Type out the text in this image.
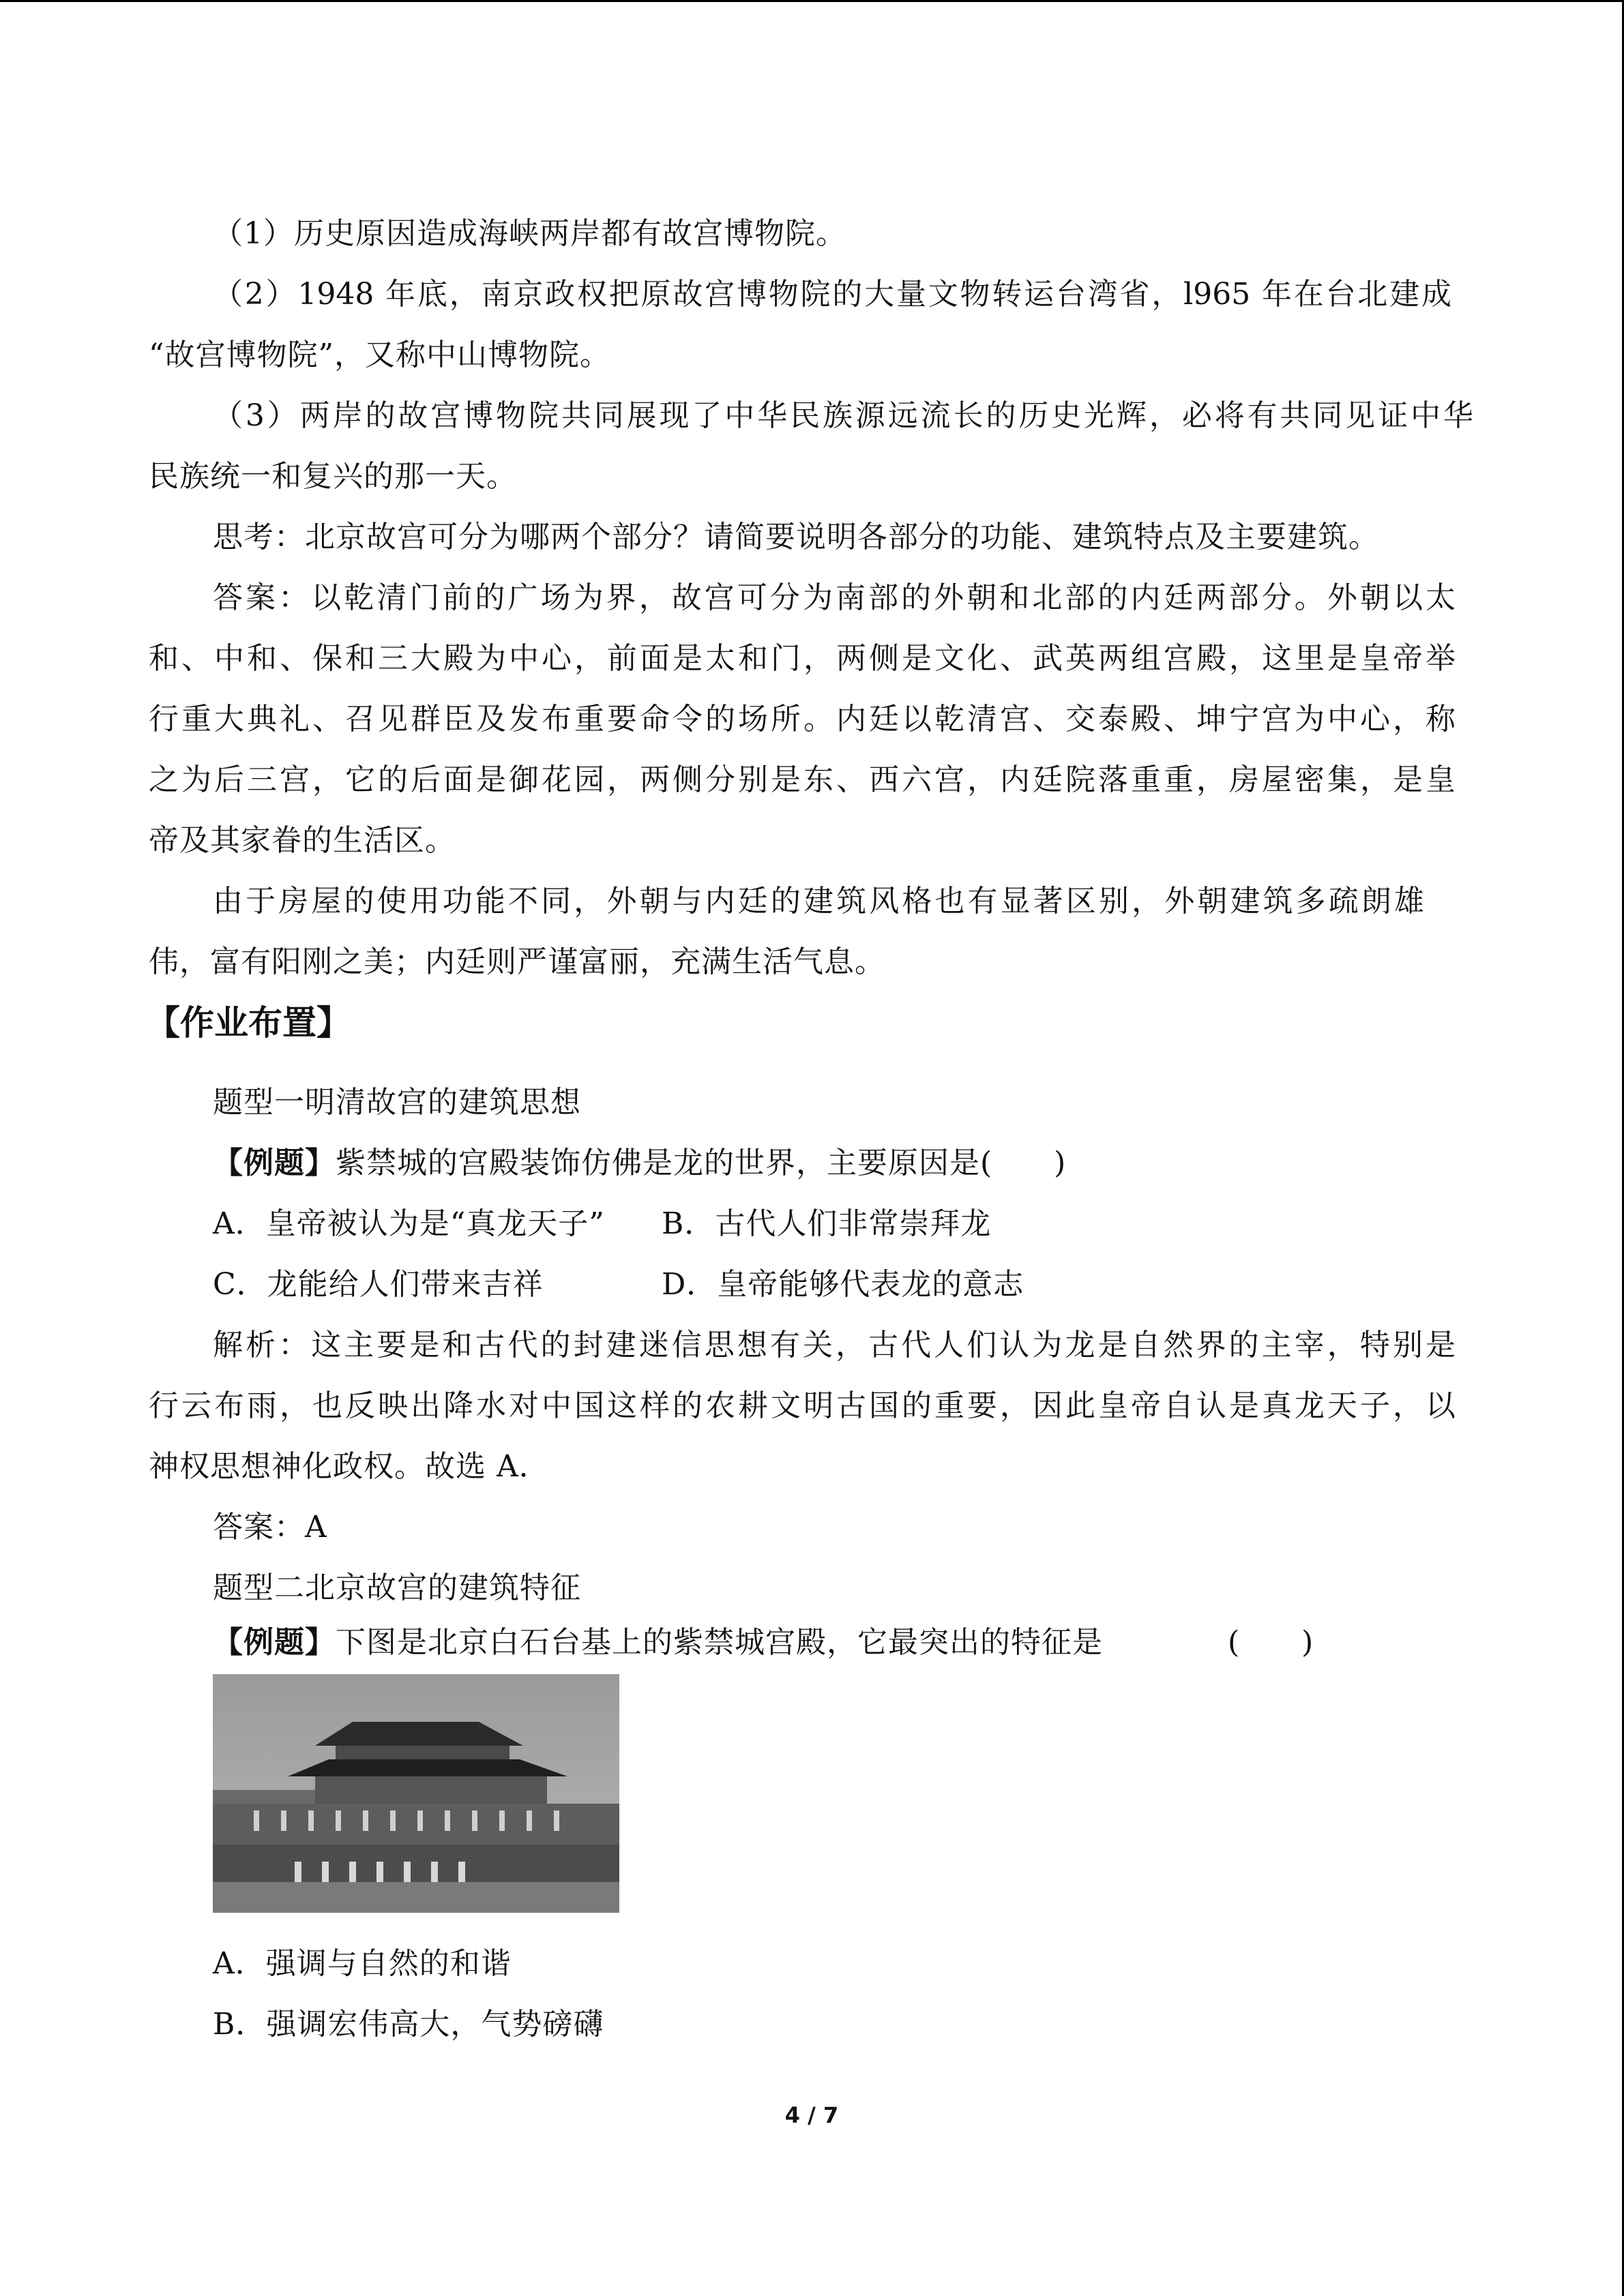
（1）历史原因造成海峡两岸都有故宫博物院。
（2）1948 年底，南京政权把原故宫博物院的大量文物转运台湾省，l965 年在台北建成
“故宫博物院”，又称中山博物院。
（3）两岸的故宫博物院共同展现了中华民族源远流长的历史光辉，必将有共同见证中华
民族统一和复兴的那一天。
思考：北京故宫可分为哪两个部分？请简要说明各部分的功能、建筑特点及主要建筑。
答案：以乾清门前的广场为界，故宫可分为南部的外朝和北部的内廷两部分。外朝以太
和、中和、保和三大殿为中心，前面是太和门，两侧是文化、武英两组宫殿，这里是皇帝举
行重大典礼、召见群臣及发布重要命令的场所。内廷以乾清宫、交泰殿、坤宁宫为中心，称
之为后三宫，它的后面是御花园，两侧分别是东、西六宫，内廷院落重重，房屋密集，是皇
帝及其家眷的生活区。
由于房屋的使用功能不同，外朝与内廷的建筑风格也有显著区别，外朝建筑多疏朗雄
伟，富有阳刚之美；内廷则严谨富丽，充满生活气息。
【作业布置】
题型一明清故宫的建筑思想
【例题】紫禁城的宫殿装饰仿佛是龙的世界，主要原因是(　　)
A．皇帝被认为是“真龙天子” B．古代人们非常崇拜龙
C．龙能给人们带来吉祥	D．皇帝能够代表龙的意志
解析：这主要是和古代的封建迷信思想有关，古代人们认为龙是自然界的主宰，特别是
行云布雨，也反映出降水对中国这样的农耕文明古国的重要，因此皇帝自认是真龙天子，以
神权思想神化政权。故选 A．
答案：A
题型二北京故宫的建筑特征
【例题】下图是北京白石台基上的紫禁城宫殿，它最突出的特征是	(　　)
A．强调与自然的和谐
B．强调宏伟高大，气势磅礴
4 / 7
